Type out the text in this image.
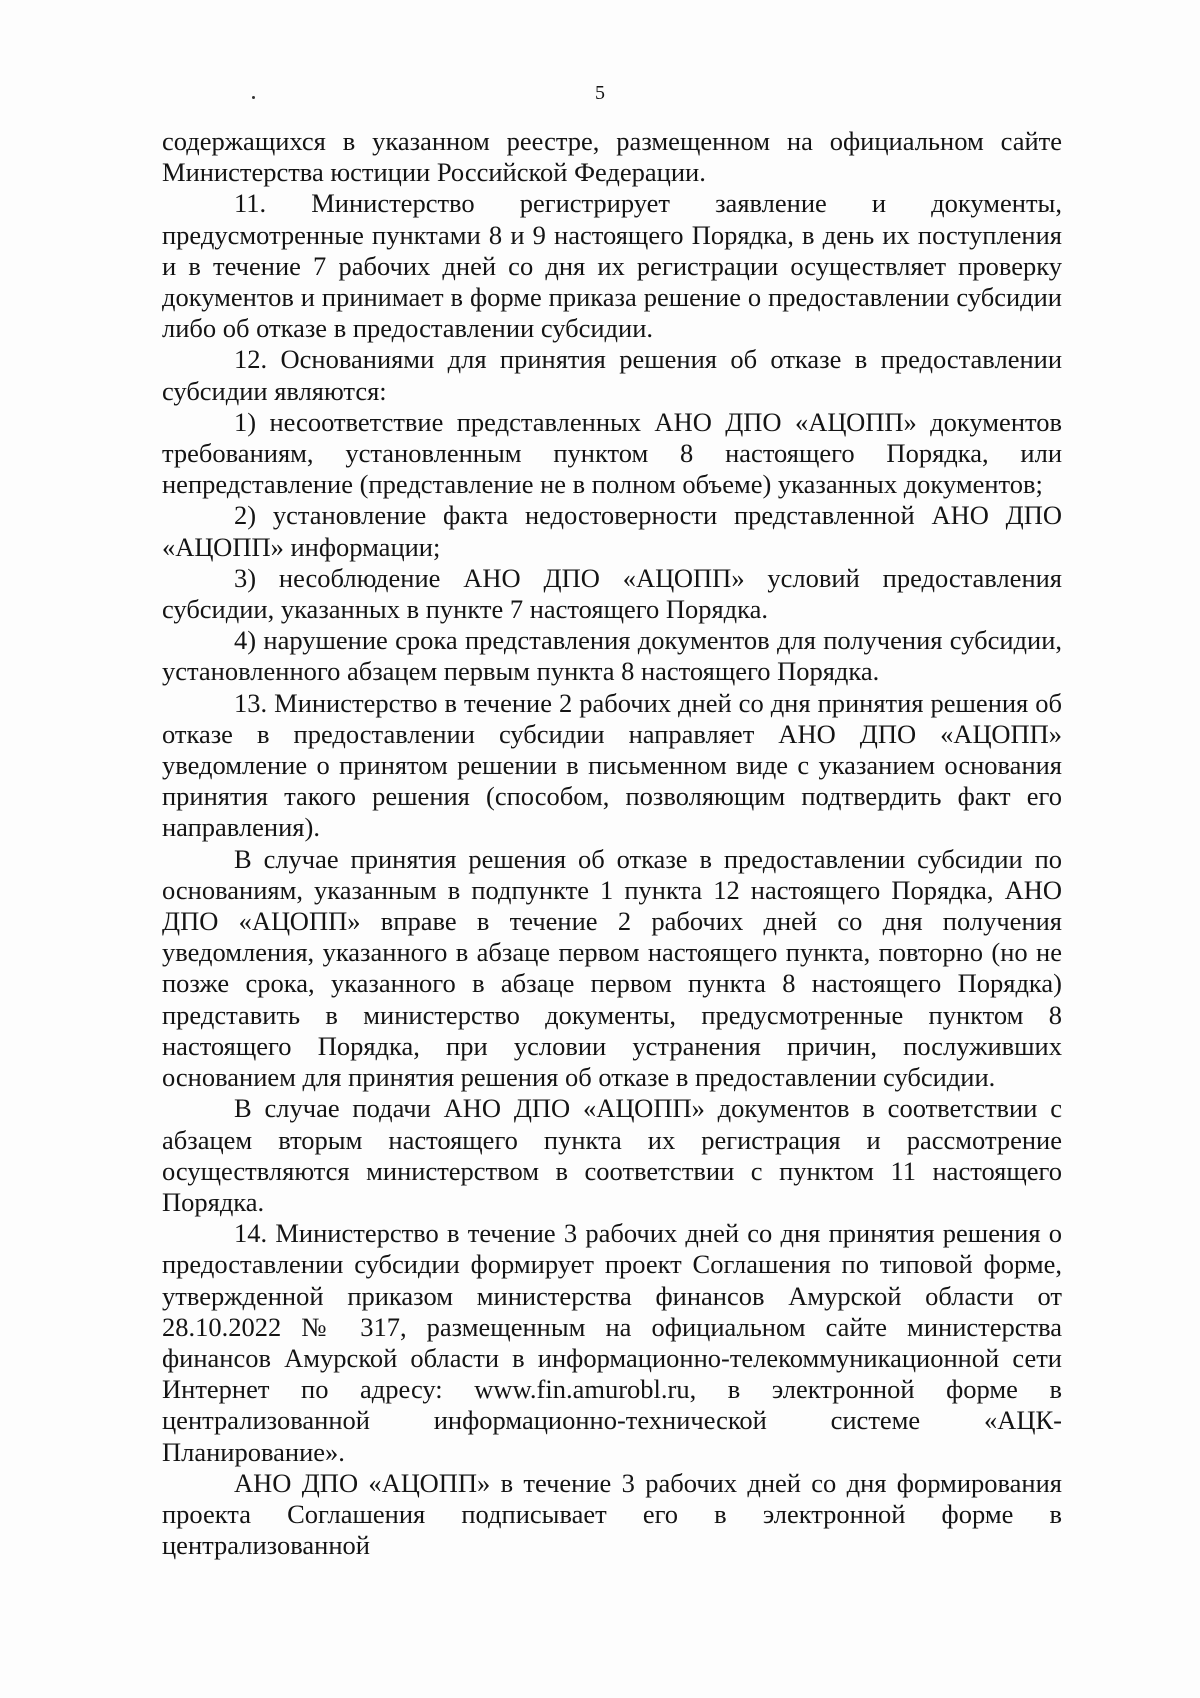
5

содержащихся в указанном реестре, размещенном на официальном сайте Министерства юстиции Российской Федерации.

11. Министерство регистрирует заявление и документы, предусмотренные пунктами 8 и 9 настоящего Порядка, в день их поступления и в течение 7 рабочих дней со дня их регистрации осуществляет проверку документов и принимает в форме приказа решение о предоставлении субсидии либо об отказе в предоставлении субсидии.

12. Основаниями для принятия решения об отказе в предоставлении субсидии являются:

1) несоответствие представленных АНО ДПО «АЦОПП» документов требованиям, установленным пунктом 8 настоящего Порядка, или непредставление (представление не в полном объеме) указанных документов;

2) установление факта недостоверности представленной АНО ДПО «АЦОПП» информации;

3) несоблюдение АНО ДПО «АЦОПП» условий предоставления субсидии, указанных в пункте 7 настоящего Порядка.

4) нарушение срока представления документов для получения субсидии, установленного абзацем первым пункта 8 настоящего Порядка.

13. Министерство в течение 2 рабочих дней со дня принятия решения об отказе в предоставлении субсидии направляет АНО ДПО «АЦОПП» уведомление о принятом решении в письменном виде с указанием основания принятия такого решения (способом, позволяющим подтвердить факт его направления).

В случае принятия решения об отказе в предоставлении субсидии по основаниям, указанным в подпункте 1 пункта 12 настоящего Порядка, АНО ДПО «АЦОПП» вправе в течение 2 рабочих дней со дня получения уведомления, указанного в абзаце первом настоящего пункта, повторно (но не позже срока, указанного в абзаце первом пункта 8 настоящего Порядка) представить в министерство документы, предусмотренные пунктом 8 настоящего Порядка, при условии устранения причин, послуживших основанием для принятия решения об отказе в предоставлении субсидии.

В случае подачи АНО ДПО «АЦОПП» документов в соответствии с абзацем вторым настоящего пункта их регистрация и рассмотрение осуществляются министерством в соответствии с пунктом 11 настоящего Порядка.

14. Министерство в течение 3 рабочих дней со дня принятия решения о предоставлении субсидии формирует проект Соглашения по типовой форме, утвержденной приказом министерства финансов Амурской области от 28.10.2022 № 317, размещенным на официальном сайте министерства финансов Амурской области в информационно-телекоммуникационной сети Интернет по адресу: www.fin.amurobl.ru, в электронной форме в централизованной информационно-технической системе «АЦК-Планирование».

АНО ДПО «АЦОПП» в течение 3 рабочих дней со дня формирования проекта Соглашения подписывает его в электронной форме в централизованной
